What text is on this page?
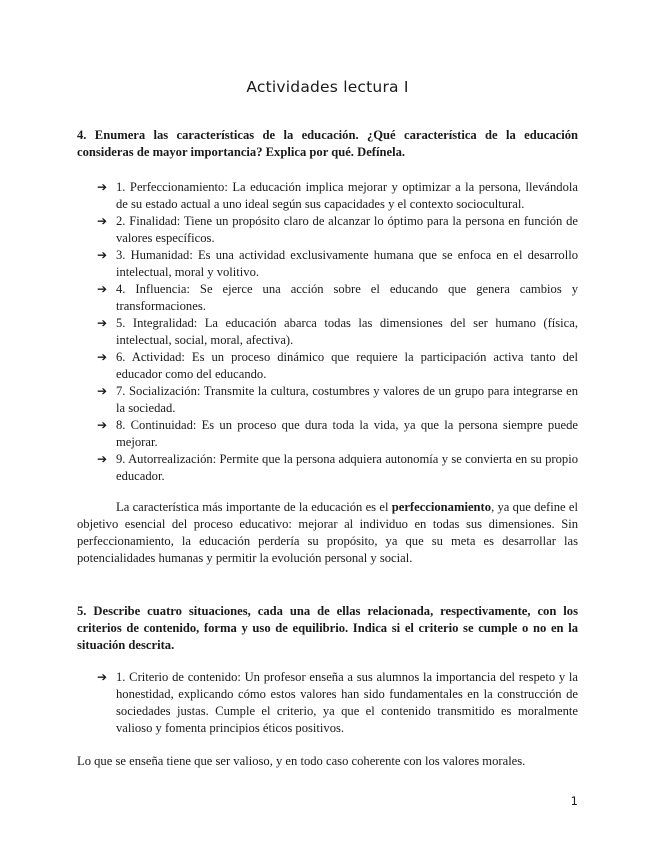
Actividades lectura I
4. Enumera las características de la educación. ¿Qué característica de la educación consideras de mayor importancia? Explica por qué. Defínela.
➔ 1. Perfeccionamiento: La educación implica mejorar y optimizar a la persona, llevándola de su estado actual a uno ideal según sus capacidades y el contexto sociocultural.
➔ 2. Finalidad: Tiene un propósito claro de alcanzar lo óptimo para la persona en función de valores específicos.
➔ 3. Humanidad: Es una actividad exclusivamente humana que se enfoca en el desarrollo intelectual, moral y volitivo.
➔ 4. Influencia: Se ejerce una acción sobre el educando que genera cambios y transformaciones.
➔ 5. Integralidad: La educación abarca todas las dimensiones del ser humano (física, intelectual, social, moral, afectiva).
➔ 6. Actividad: Es un proceso dinámico que requiere la participación activa tanto del educador como del educando.
➔ 7. Socialización: Transmite la cultura, costumbres y valores de un grupo para integrarse en la sociedad.
➔ 8. Continuidad: Es un proceso que dura toda la vida, ya que la persona siempre puede mejorar.
➔ 9. Autorrealización: Permite que la persona adquiera autonomía y se convierta en su propio educador.

La característica más importante de la educación es el perfeccionamiento, ya que define el objetivo esencial del proceso educativo: mejorar al individuo en todas sus dimensiones. Sin perfeccionamiento, la educación perdería su propósito, ya que su meta es desarrollar las potencialidades humanas y permitir la evolución personal y social.

5. Describe cuatro situaciones, cada una de ellas relacionada, respectivamente, con los criterios de contenido, forma y uso de equilibrio. Indica si el criterio se cumple o no en la situación descrita.
➔ 1. Criterio de contenido: Un profesor enseña a sus alumnos la importancia del respeto y la honestidad, explicando cómo estos valores han sido fundamentales en la construcción de sociedades justas. Cumple el criterio, ya que el contenido transmitido es moralmente valioso y fomenta principios éticos positivos.

Lo que se enseña tiene que ser valioso, y en todo caso coherente con los valores morales.

1
